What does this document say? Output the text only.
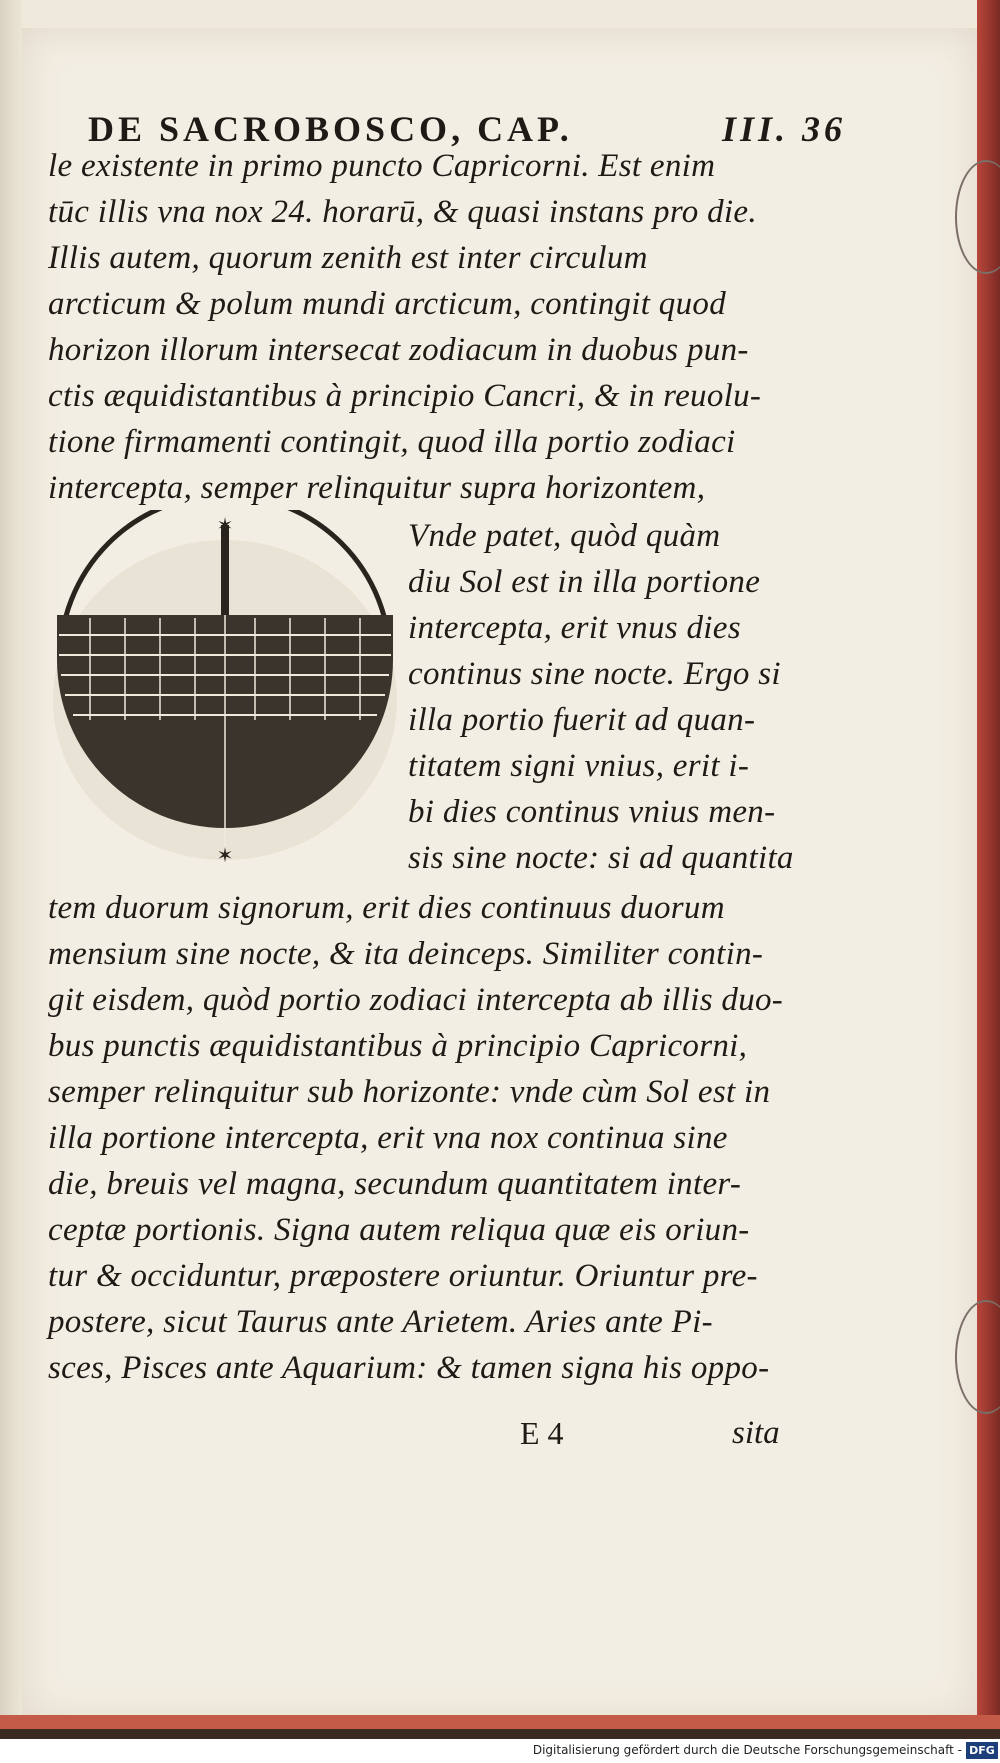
DE SACROBOSCO, CAP.	III. 36
le existente in primo puncto Capricorni. Est enim
tūc illis vna nox 24. horarū, & quasi instans pro die.
Illis autem, quorum zenith est inter circulum
arcticum & polum mundi arcticum, contingit quod
horizon illorum intersecat zodiacum in duobus pun-
ctis æquidistantibus à principio Cancri, & in reuolu-
tione firmamenti contingit, quod illa portio zodiaci
intercepta, semper relinquitur supra horizontem,
Vnde patet, quòd quàm
diu Sol est in illa portione
intercepta, erit vnus dies
continus sine nocte. Ergo si
illa portio fuerit ad quan-
titatem signi vnius, erit i-
bi dies continus vnius men-
sis sine nocte: si ad quantita
tem duorum signorum, erit dies continuus duorum
mensium sine nocte, & ita deinceps. Similiter contin-
git eisdem, quòd portio zodiaci intercepta ab illis duo-
bus punctis æquidistantibus à principio Capricorni,
semper relinquitur sub horizonte: vnde cùm Sol est in
illa portione intercepta, erit vna nox continua sine
die, breuis vel magna, secundum quantitatem inter-
ceptæ portionis. Signa autem reliqua quæ eis oriun-
tur & occiduntur, præpostere oriuntur. Oriuntur pre-
postere, sicut Taurus ante Arietem. Aries ante Pi-
sces, Pisces ante Aquarium: & tamen signa his oppo-
✶
✶
E 4	sita
Digitalisierung gefördert durch die Deutsche Forschungsgemeinschaft - DFG
